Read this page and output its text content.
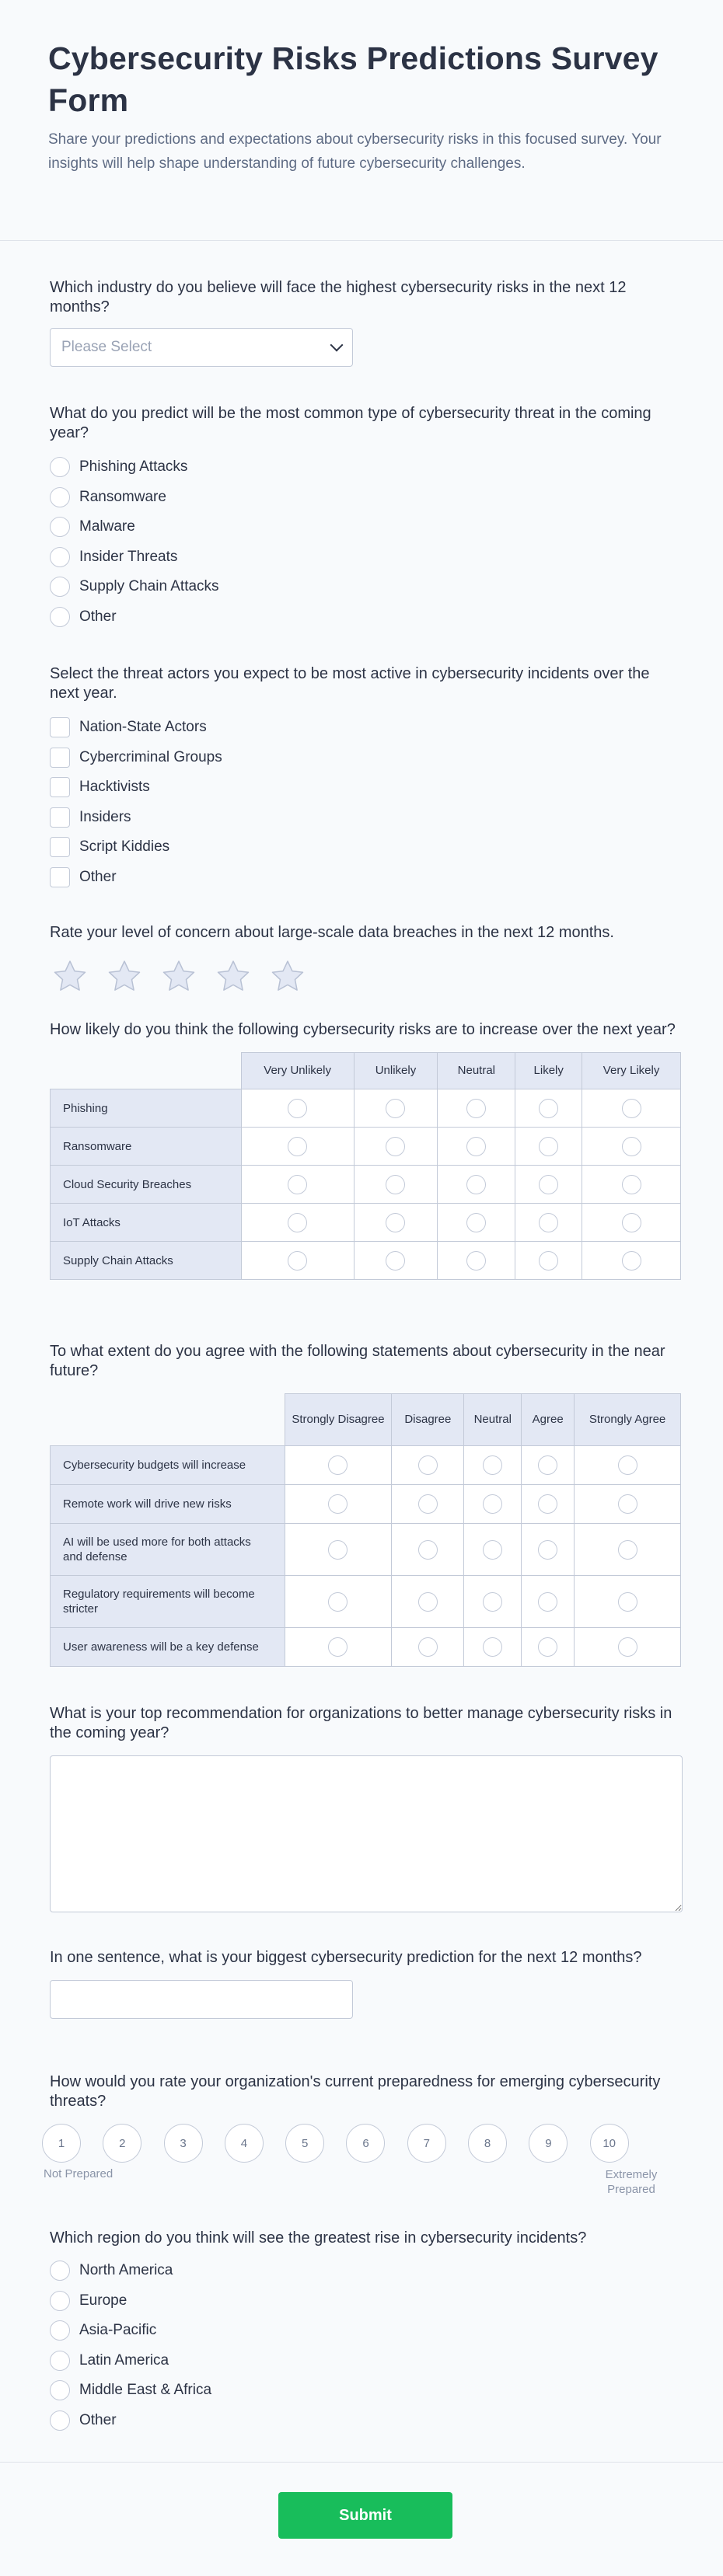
Cybersecurity Risks Predictions Survey Form

Share your predictions and expectations about cybersecurity risks in this focused survey. Your insights will help shape understanding of future cybersecurity challenges.

Which industry do you believe will face the highest cybersecurity risks in the next 12 months?
Please Select
What do you predict will be the most common type of cybersecurity threat in the coming year?
Phishing Attacks
Ransomware
Malware
Insider Threats
Supply Chain Attacks
Other
Select the threat actors you expect to be most active in cybersecurity incidents over the next year.
Nation-State Actors
Cybercriminal Groups
Hacktivists
Insiders
Script Kiddies
Other
Rate your level of concern about large-scale data breaches in the next 12 months.
How likely do you think the following cybersecurity risks are to increase over the next year?
	Very Unlikely	Unlikely	Neutral	Likely	Very Likely
Phishing					
Ransomware					
Cloud Security Breaches					
IoT Attacks					
Supply Chain Attacks					
To what extent do you agree with the following statements about cybersecurity in the near future?
	Strongly Disagree	Disagree	Neutral	Agree	Strongly Agree
Cybersecurity budgets will increase					
Remote work will drive new risks					
AI will be used more for both attacks and defense					
Regulatory requirements will become stricter					
User awareness will be a key defense					
What is your top recommendation for organizations to better manage cybersecurity risks in the coming year?
In one sentence, what is your biggest cybersecurity prediction for the next 12 months?
How would you rate your organization's current preparedness for emerging cybersecurity threats?
1	2	3	4	5	6	7	8	9	10
Not Prepared	Extremely Prepared
Which region do you think will see the greatest rise in cybersecurity incidents?
North America
Europe
Asia-Pacific
Latin America
Middle East & Africa
Other
Submit
